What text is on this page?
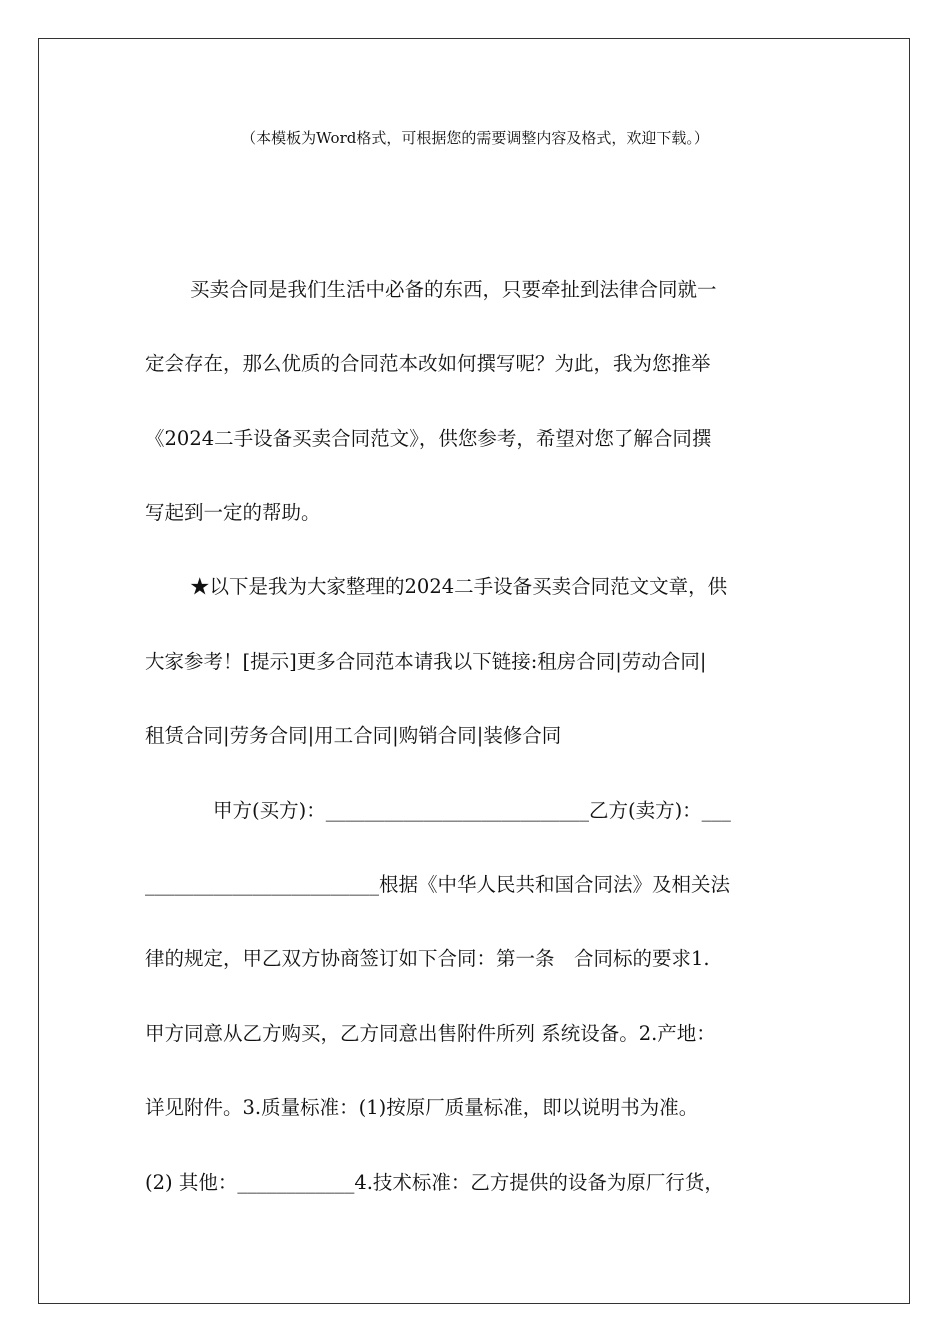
（本模板为Word格式，可根据您的需要调整内容及格式，欢迎下载。）
买卖合同是我们生活中必备的东西，只要牵扯到法律合同就一
定会存在，那么优质的合同范本改如何撰写呢？为此，我为您推举
《2024二手设备买卖合同范文》，供您参考，希望对您了解合同撰
写起到一定的帮助。
★以下是我为大家整理的2024二手设备买卖合同范文文章，供
大家参考！[提示]更多合同范本请我以下链接:租房合同|劳动合同|
租赁合同|劳务合同|用工合同|购销合同|装修合同
甲方(买方)：___________________________乙方(卖方)：___
________________________根据《中华人民共和国合同法》及相关法
律的规定，甲乙双方协商签订如下合同：第一条　合同标的要求1.
甲方同意从乙方购买，乙方同意出售附件所列 系统设备。2.产地：
详见附件。3.质量标准：(1)按原厂质量标准，即以说明书为准。
(2) 其他：____________4.技术标准：乙方提供的设备为原厂行货，
